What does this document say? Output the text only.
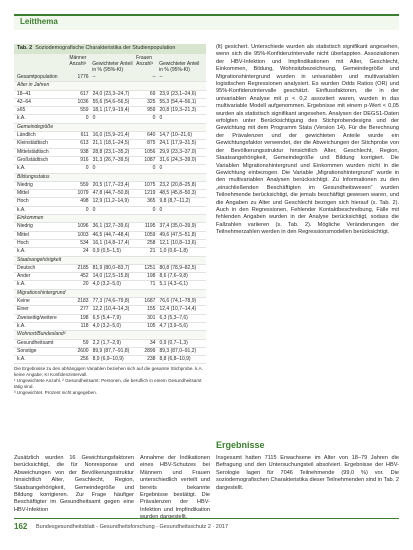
Leitthema
Tab. 2 Soziodemografische Charakteristika der Studienpopulation
Männer
Anzahl¹ Gewichteter Anteil in % (95%-KI)
Frauen
Anzahl¹ Gewichteter Anteil in % (95%-KI)
Gesamtpopulation	1776 –	– –
Alter in Jahren
18–41	617 24,0 (23,3–24,7)	69 23,9 (23,1–24,6)
42–64	1036 55,6 (54,6–56,5)	325 55,3 (54,4–56,1)
≥65	559 18,1 (17,9–19,4)	959 20,8 (19,3–21,3)
k.A.	0 0	0 0
Gemeindegröße
Ländlich	611 16,0 (15,9–21,4)	640 14,7 (10–21,6)
Kleinstädtisch	613 21,1 (18,1–24,5)	875 24,1 (17,9–31,5)
Mittelstädtisch	938 28,8 (23,1–35,2)	1056 29,9 (23,3–37,0)
Großstädtisch	916 31,3 (26,7–39,5)	1087 31,6 (24,3–39,0)
k.A.	0 0	0 0
Bildungsstatus
Niedrig	559 20,5 (17,7–23,4)	1075 23,2 (20,8–25,8)
Mittel	1079 47,8 (44,7–50,8)	1219 48,5 (45,8–50,3)
Hoch	498 12,9 (11,2–14,9)	365 9,8 (8,7–11,2)
k.A.	0 0	0 0
Einkommen
Niedrig	1096 36,1 (32,7–39,6)	1195 37,4 (35,0–39,9)
Mittel	1003 46,5 (44,7–48,4)	1059 49,6 (47,5–51,8)
Hoch	534 16,1 (14,8–17,4)	258 12,1 (10,8–13,6)
k.A.	24 0,9 (0,5–1,5)	21 1,0 (0,6–1,8)
Staatsangehörigkeit
Deutsch	2185 81,9 (80,0–83,7)	1251 80,8 (78,9–82,5)
Ander	452 14,0 (12,5–15,8)	198 8,6 (7,6–9,8)
k.A.	20 4,0 (3,2–5,0)	71 5,1 (4,3–6,1)
Migrationshintergrund
Keine	2183 77,3 (74,6–79,8)	1687 76,6 (74,1–78,9)
Einer	277 12,2 (10,4–14,3)	155 12,4 (10,7–14,4)
Zweiseitig/weitere	198 6,5 (5,4–7,9)	301 6,3 (5,3–7,6)
k.A.	118 4,0 (3,2–5,0)	105 4,7 (3,9–5,6)
Wohnort/Bundesland²
Gesundheitsamt	59 2,2 (1,7–2,9)	34 0,9 (0,7–1,3)
Sonstige	2600 89,9 (87,7–91,8)	2899 89,3 (87,0–91,2)
k.A.	256 8,9 (6,9–10,9)	238 8,8 (6,8–10,9)
Die Ergebnisse zu den abhängigen Variablen beziehen sich auf die gesamte Stichprobe. k.A. keine Angabe, KI Konfidenzintervall.
¹ Ungewichtete Anzahl. ² Gesundheitsamt: Personen, die beruflich in einem Gesundheitsamt tätig sind.
³ Ungewichtet. Prozent nicht angegeben.
(lt) gesichert. Unterschiede wurden als statistisch signifikant angesehen, wenn sich die 95%-Konfidenzintervalle nicht überlappten. Assoziationen der HBV-Infektion und Impfindikationen mit Alter, Geschlecht, Einkommen, Bildung, Wohnsitzbezeichnung, Gemeindegröße und Migrationshintergrund wurden in univariablen und multivariablen logistischen Regressionen analysiert. Es wurden Odds Ratios (OR) und 95%-Konfidenzintervalle geschätzt. Einflussfaktoren, die in der univariablen Analyse mit p < 0,2 assoziiert waren, wurden in das multivariable Modell aufgenommen. Ergebnisse mit einem p-Wert < 0,05 wurden als statistisch signifikant angesehen. Analysen der DEGS1-Daten erfolgten unter Berücksichtigung des Stichprobendesigns und der Gewichtung mit dem Programm Stata (Version 14). Für die Berechnung der Prävalenzen und der gewichteten Anteile wurde ein Gewichtungsfaktor verwendet, der die Abweichungen der Stichprobe von der Bevölkerungsstruktur hinsichtlich Alter, Geschlecht, Region, Staatsangehörigkeit, Gemeindegröße und Bildung korrigiert. Die Variablen Migrationshintergrund und Einkommen wurden nicht in die Gewichtung einbezogen. Die Variable „Migrationshintergrund“ wurde in den multivariablen Analysen berücksichtigt. Zu Informationen zu den „einschließenden Beschäftigten im Gesundheitswesen“ wurden Teilnehmende berücksichtigt, die jemals beschäftigt gewesen waren, und die Angaben zu Alter und Geschlecht bezogen sich hierauf (s. Tab. 2). Auch in den Regressionen, Fehlender Kontaktbeschreibung, Fälle mit fehlenden Angaben wurden in der Analyse berücksichtigt, sodass die Fallzahlen variieren (s. Tab. 2). Mögliche Veränderungen der Teilnehmerzahlen werden in den Regressionsmodellen berücksichtigt.
Ergebnisse
Insgesamt hatten 7115 Erwachsene im Alter von 18–79 Jahren die Befragung und den Untersuchungsteil absolviert. Ergebnisse der HBV-Serologie lagen für 7046 Teilnehmende (99,0 %) vor. Die soziodemografischen Charakteristika dieser Teilnehmenden sind in Tab. 2 dargestellt.
Zusätzlich wurden 16 Gewichtungsfaktoren berücksichtigt, die für Nonresponse und Abweichungen von der Bevölkerungsstruktur hinsichtlich Alter, Geschlecht, Region, Staatsangehörigkeit, Gemeindegröße und Bildung korrigieren. Zur Frage häufiger Beschäftigter im Gesundheitsamt gegen eine HBV-Infektion
Annahme der Indikationen eines HBV-Schutzes bei Männern und Frauen unterschiedlich verteilt und bereits bekannte Ergebnisse bestätigt. Die Prävalenzen der HBV-Infektion und Impfindikation wurden dargestellt.
162 Bundesgesundheitsblatt - Gesundheitsforschung - Gesundheitsschutz 2 · 2017
